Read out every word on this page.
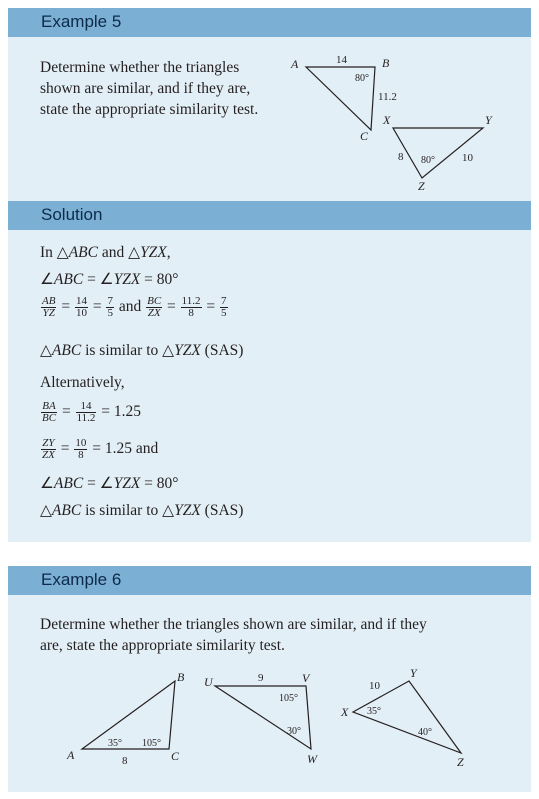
Example 5
Determine whether the triangles
shown are similar, and if they are,
state the appropriate similarity test.
A	B
C
14
11.2
80°
X	Y
Z
8	10
80°
Solution
In △ABC and △YZX,
∠ABC = ∠YZX = 80°
$\frac{AB}{YZ} = \frac{14}{10} = \frac{7}{5}$ and $\frac{BC}{ZX} = \frac{11.2}{8} = \frac{7}{5}$
△ABC is similar to △YZX (SAS)
Alternatively,
$\frac{BA}{BC} = \frac{14}{11.2} = 1.25$
$\frac{ZY}{ZX} = \frac{10}{8} = 1.25$ and
∠ABC = ∠YZX = 80°
△ABC is similar to △YZX (SAS)
Example 6
Determine whether the triangles shown are similar, and if they
are, state the appropriate similarity test.
A
B
C
8
35° 105°
U	V
W
9
105°
30°
X
Y
Z
10
35°
40°
